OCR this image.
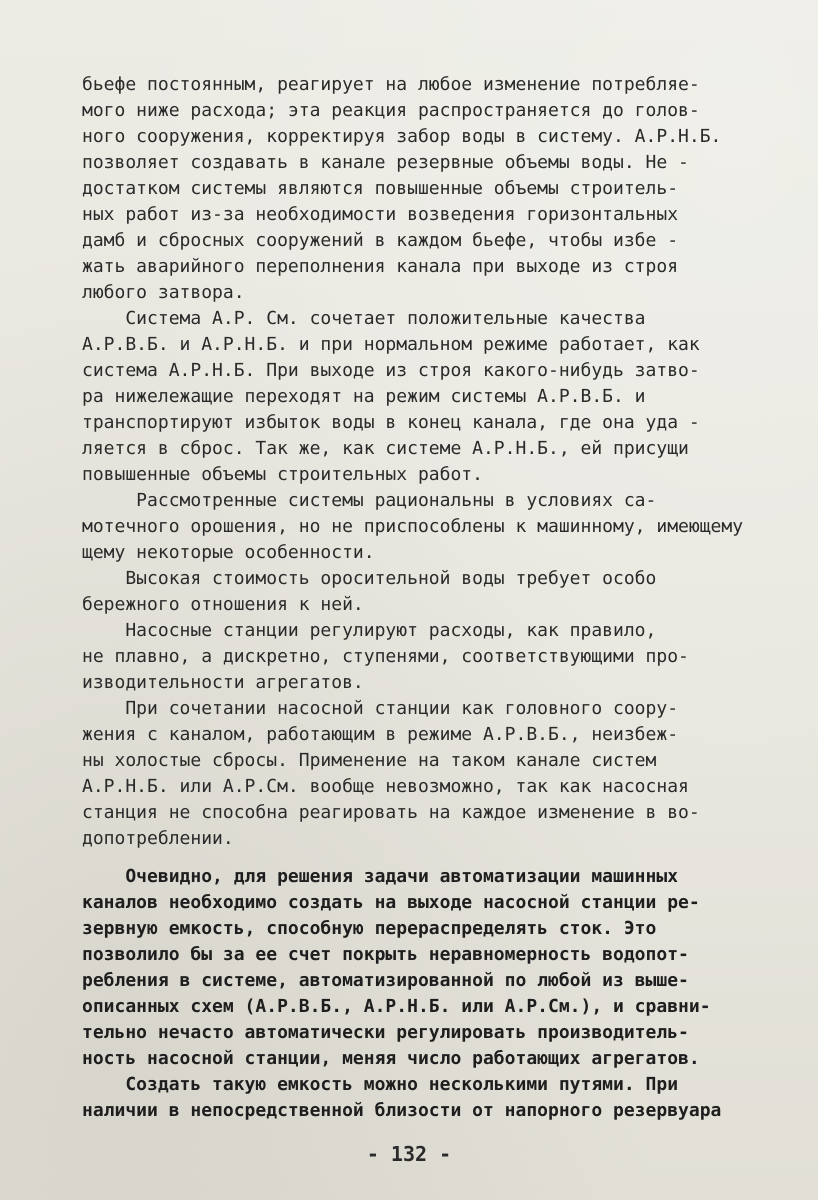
бьефе постоянным, реагирует на любое изменение потребляе-
мого ниже расхода; эта реакция распространяется до голов-
ного сооружения, корректируя забор воды в систему. А.Р.Н.Б.
позволяет создавать в канале резервные объемы воды. Не -
достатком системы являются повышенные объемы строитель-
ных работ из-за необходимости возведения горизонтальных
дамб и сбросных сооружений в каждом бьефе, чтобы избе -
жать аварийного переполнения канала при выходе из строя
любого затвора.
Система А.Р. См. сочетает положительные качества
А.Р.В.Б. и А.Р.Н.Б. и при нормальном режиме работает, как
система А.Р.Н.Б. При выходе из строя какого-нибудь затво-
ра нижележащие переходят на режим системы А.Р.В.Б. и
транспортируют избыток воды в конец канала, где она уда -
ляется в сброс. Так же, как системе А.Р.Н.Б., ей присущи
повышенные объемы строительных работ.
Рассмотренные системы рациональны в условиях са-
мотечного орошения, но не приспособлены к машинному, имеющему
щему некоторые особенности.
Высокая стоимость оросительной воды требует особо
бережного отношения к ней.
Насосные станции регулируют расходы, как правило,
не плавно, а дискретно, ступенями, соответствующими про-
изводительности агрегатов.
При сочетании насосной станции как головного соору-
жения с каналом, работающим в режиме А.Р.В.Б., неизбеж-
ны холостые сбросы. Применение на таком канале систем
А.Р.Н.Б. или А.Р.См. вообще невозможно, так как насосная
станция не способна реагировать на каждое изменение в во-
допотреблении.
Очевидно, для решения задачи автоматизации машинных
каналов необходимо создать на выходе насосной станции ре-
зервную емкость, способную перераспределять сток. Это
позволило бы за ее счет покрыть неравномерность водопот-
ребления в системе, автоматизированной по любой из выше-
описанных схем (А.Р.В.Б., А.Р.Н.Б. или А.Р.См.), и сравни-
тельно нечасто автоматически регулировать производитель-
ность насосной станции, меняя число работающих агрегатов.
Создать такую емкость можно несколькими путями. При
наличии в непосредственной близости от напорного резервуара
- 132 -
